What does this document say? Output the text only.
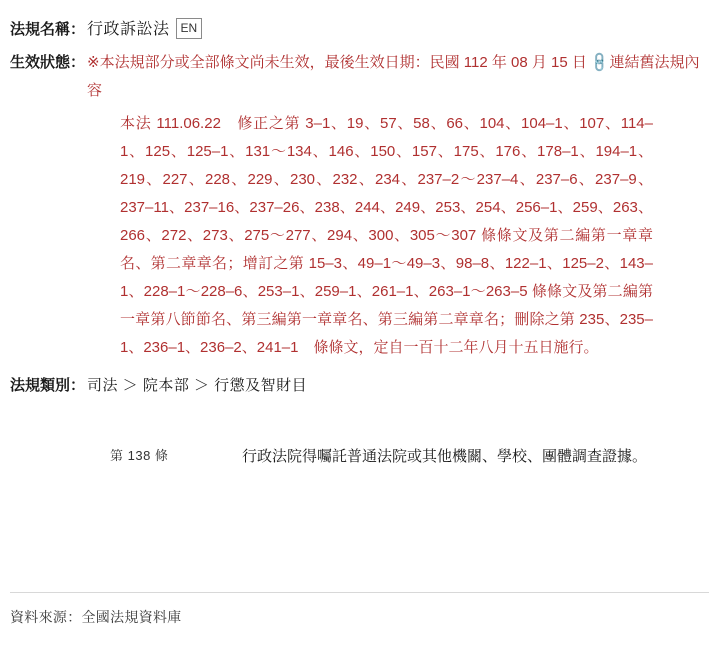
法規名稱： 行政訴訟法 EN
生效狀態： ※本法規部分或全部條文尚未生效，最後生效日期：民國 112 年 08 月 15 日 🔗連結舊法規內容
本法 111.06.22　修正之第 3–1、19、57、58、66、104、104–1、107、114–1、125、125–1、131～134、146、150、157、175、176、178–1、194–1、219、227、228、229、230、232、234、237–2～237–4、237–6、237–9、237–11、237–16、237–26、238、244、249、253、254、256–1、259、263、266、272、273、275～277、294、300、305～307 條條文及第二編第一章章名、第二章章名；增訂之第 15–3、49–1～49–3、98–8、122–1、125–2、143–1、228–1～228–6、253–1、259–1、261–1、263–1～263–5 條條文及第二編第一章第八節節名、第三編第一章章名、第三編第二章章名；刪除之第 235、235–1、236–1、236–2、241–1　條條文，定自一百十二年八月十五日施行。
法規類別： 司法 ＞ 院本部 ＞ 行懲及智財目
第 138 條	行政法院得囑託普通法院或其他機關、學校、團體調查證據。
資料來源：全國法規資料庫
